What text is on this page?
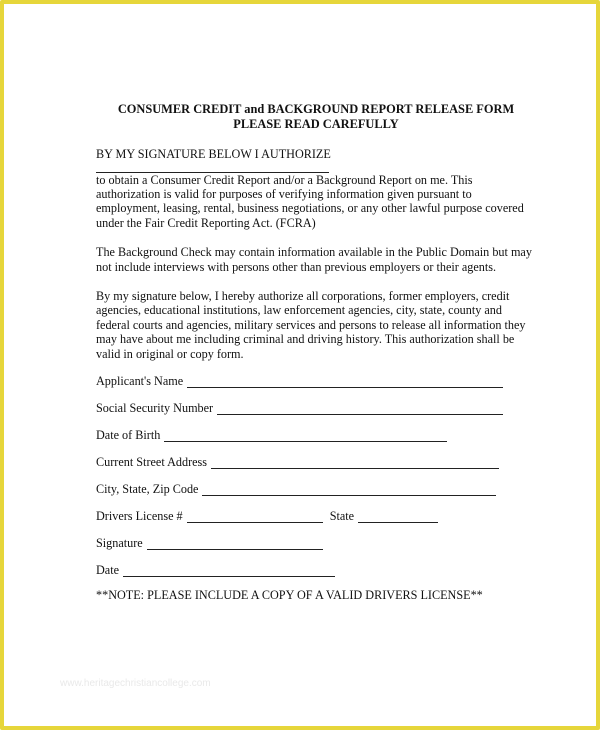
CONSUMER CREDIT and BACKGROUND REPORT RELEASE FORM
PLEASE READ CAREFULLY
BY MY SIGNATURE BELOW I AUTHORIZE
to obtain a Consumer Credit Report and/or a Background Report on me. This authorization is valid for purposes of verifying information given pursuant to employment, leasing, rental, business negotiations, or any other lawful purpose covered under the Fair Credit Reporting Act. (FCRA)
The Background Check may contain information available in the Public Domain but may not include interviews with persons other than previous employers or their agents.
By my signature below, I hereby authorize all corporations, former employers, credit agencies, educational institutions, law enforcement agencies, city, state, county and federal courts and agencies, military services and persons to release all information they may have about me including criminal and driving history. This authorization shall be valid in original or copy form.
Applicant's Name
Social Security Number
Date of Birth
Current Street Address
City, State, Zip Code
Drivers License #	State
Signature
Date
**NOTE: PLEASE INCLUDE A COPY OF A VALID DRIVERS LICENSE**
www.heritagechristiancollege.com
